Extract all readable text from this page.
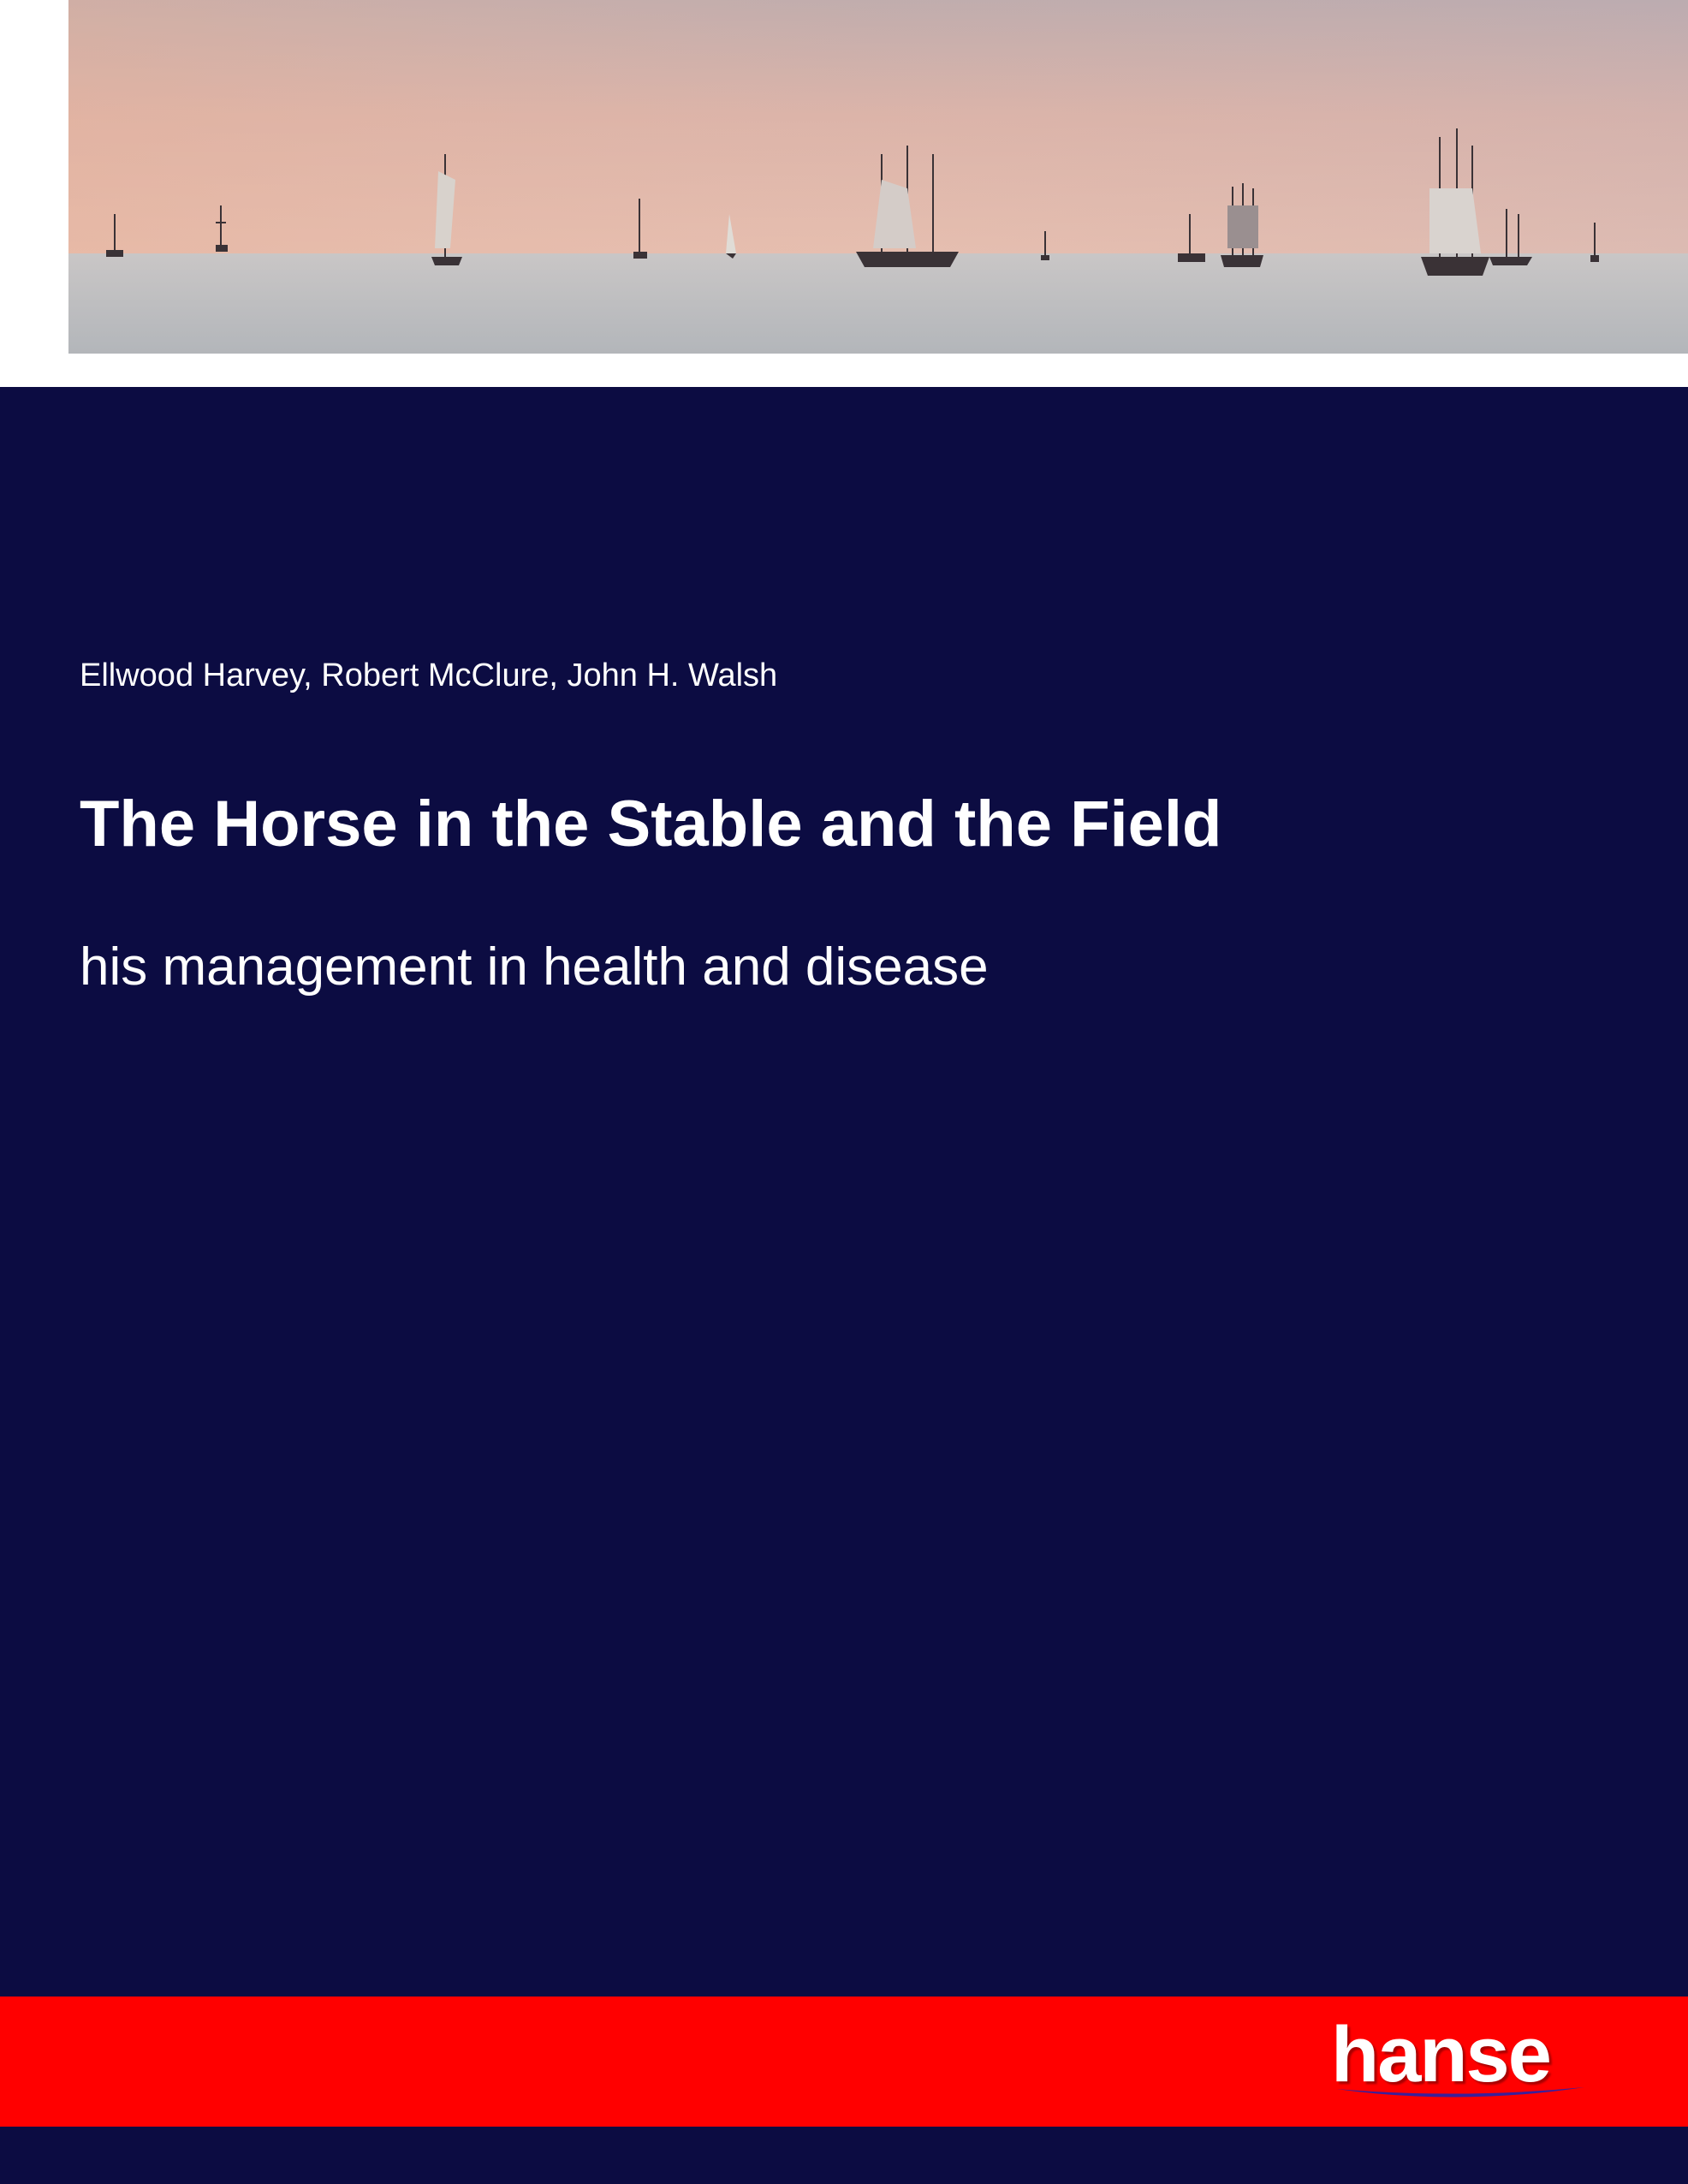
Ellwood Harvey, Robert McClure, John H. Walsh
The Horse in the Stable and the Field
his management in health and disease
hanse
